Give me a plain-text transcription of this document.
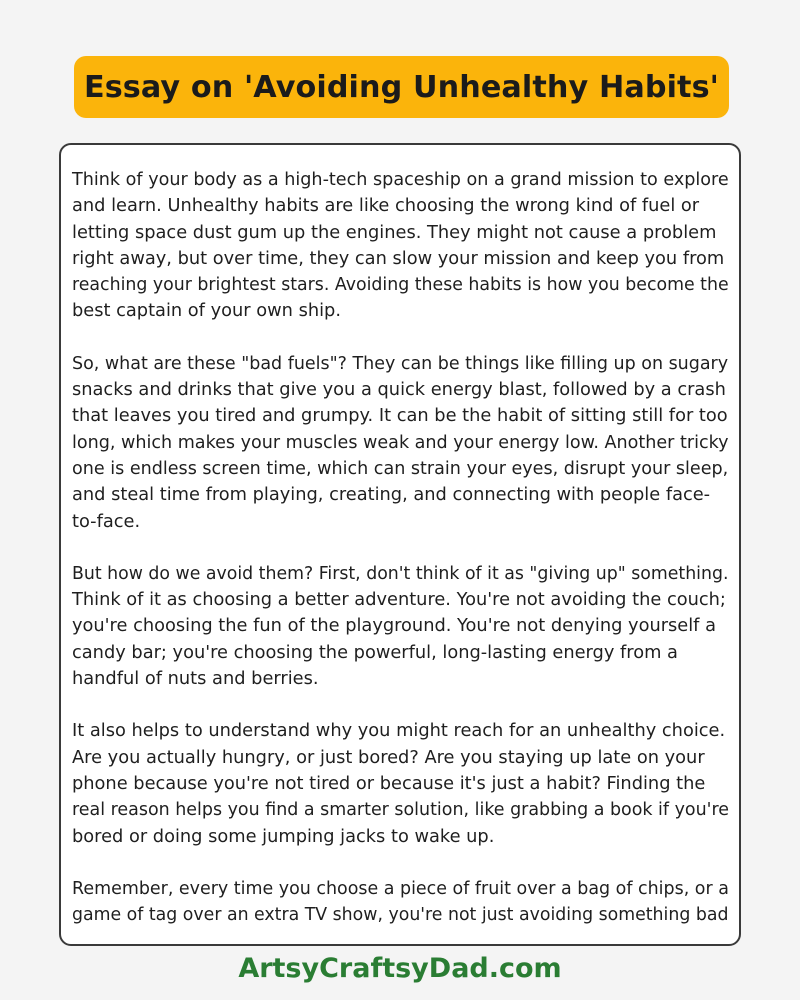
Essay on 'Avoiding Unhealthy Habits'

Think of your body as a high-tech spaceship on a grand mission to explore
and learn. Unhealthy habits are like choosing the wrong kind of fuel or
letting space dust gum up the engines. They might not cause a problem
right away, but over time, they can slow your mission and keep you from
reaching your brightest stars. Avoiding these habits is how you become the
best captain of your own ship.

So, what are these "bad fuels"? They can be things like filling up on sugary
snacks and drinks that give you a quick energy blast, followed by a crash
that leaves you tired and grumpy. It can be the habit of sitting still for too
long, which makes your muscles weak and your energy low. Another tricky
one is endless screen time, which can strain your eyes, disrupt your sleep,
and steal time from playing, creating, and connecting with people face-
to-face.

But how do we avoid them? First, don't think of it as "giving up" something.
Think of it as choosing a better adventure. You're not avoiding the couch;
you're choosing the fun of the playground. You're not denying yourself a
candy bar; you're choosing the powerful, long-lasting energy from a
handful of nuts and berries.

It also helps to understand why you might reach for an unhealthy choice.
Are you actually hungry, or just bored? Are you staying up late on your
phone because you're not tired or because it's just a habit? Finding the
real reason helps you find a smarter solution, like grabbing a book if you're
bored or doing some jumping jacks to wake up.

Remember, every time you choose a piece of fruit over a bag of chips, or a
game of tag over an extra TV show, you're not just avoiding something bad

ArtsyCraftsyDad.com
